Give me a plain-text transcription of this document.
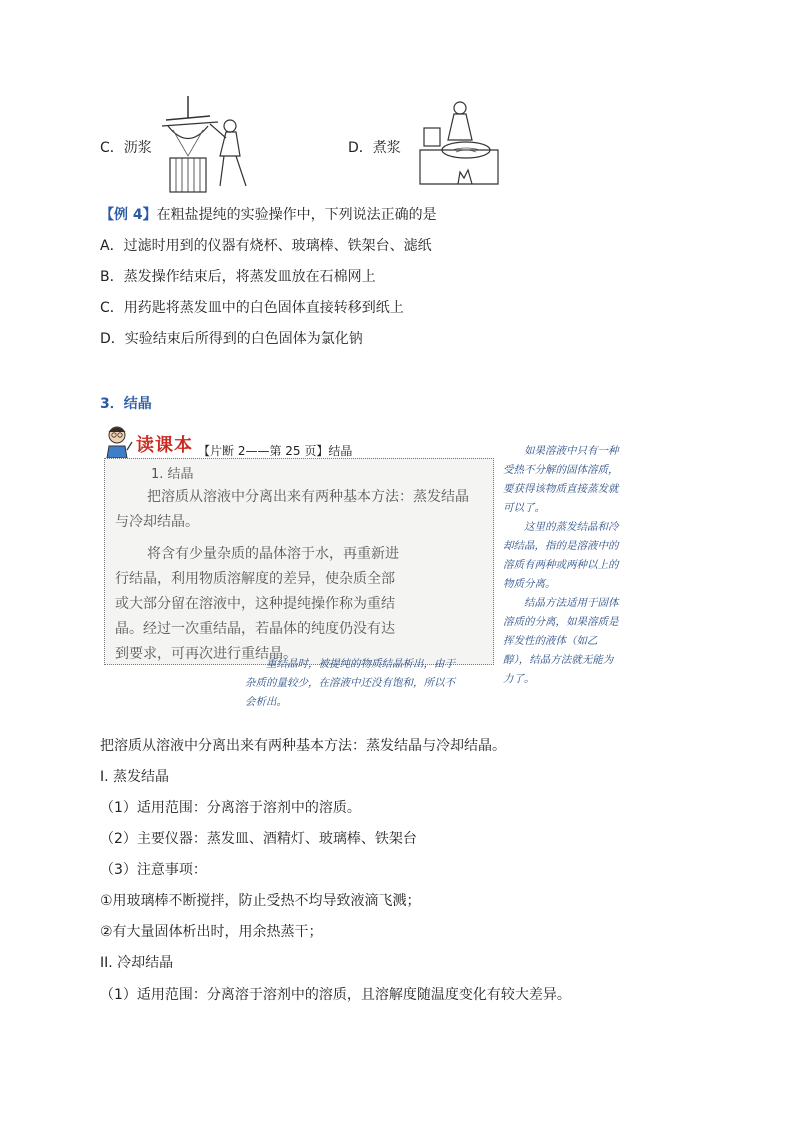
C．沥浆	D．煮浆
【例 4】在粗盐提纯的实验操作中，下列说法正确的是
A．过滤时用到的仪器有烧杯、玻璃棒、铁架台、滤纸
B．蒸发操作结束后，将蒸发皿放在石棉网上
C．用药匙将蒸发皿中的白色固体直接转移到纸上
D．实验结束后所得到的白色固体为氯化钠
3．结晶
读课本 【片断 2——第 25 页】结晶
1. 结晶
把溶质从溶液中分离出来有两种基本方法：蒸发结晶
与冷却结晶。
将含有少量杂质的晶体溶于水，再重新进
行结晶，利用物质溶解度的差异，使杂质全部
或大部分留在溶液中，这种提纯操作称为重结
晶。经过一次重结晶，若晶体的纯度仍没有达
到要求，可再次进行重结晶。

如果溶液中只有一种受热不分解的固体溶质，要获得该物质直接蒸发就可以了。

这里的蒸发结晶和冷却结晶，指的是溶液中的溶质有两种或两种以上的物质分离。

结晶方法适用于固体溶质的分离，如果溶质是挥发性的液体（如乙醇），结晶方法就无能为力了。

重结晶时，被提纯的物质结晶析出，由于杂质的量较少，在溶液中还没有饱和，所以不会析出。

把溶质从溶液中分离出来有两种基本方法：蒸发结晶与冷却结晶。
I. 蒸发结晶
（1）适用范围：分离溶于溶剂中的溶质。
（2）主要仪器：蒸发皿、酒精灯、玻璃棒、铁架台
（3）注意事项：
①用玻璃棒不断搅拌，防止受热不均导致液滴飞溅；
②有大量固体析出时，用余热蒸干；
II. 冷却结晶
（1）适用范围：分离溶于溶剂中的溶质，且溶解度随温度变化有较大差异。
